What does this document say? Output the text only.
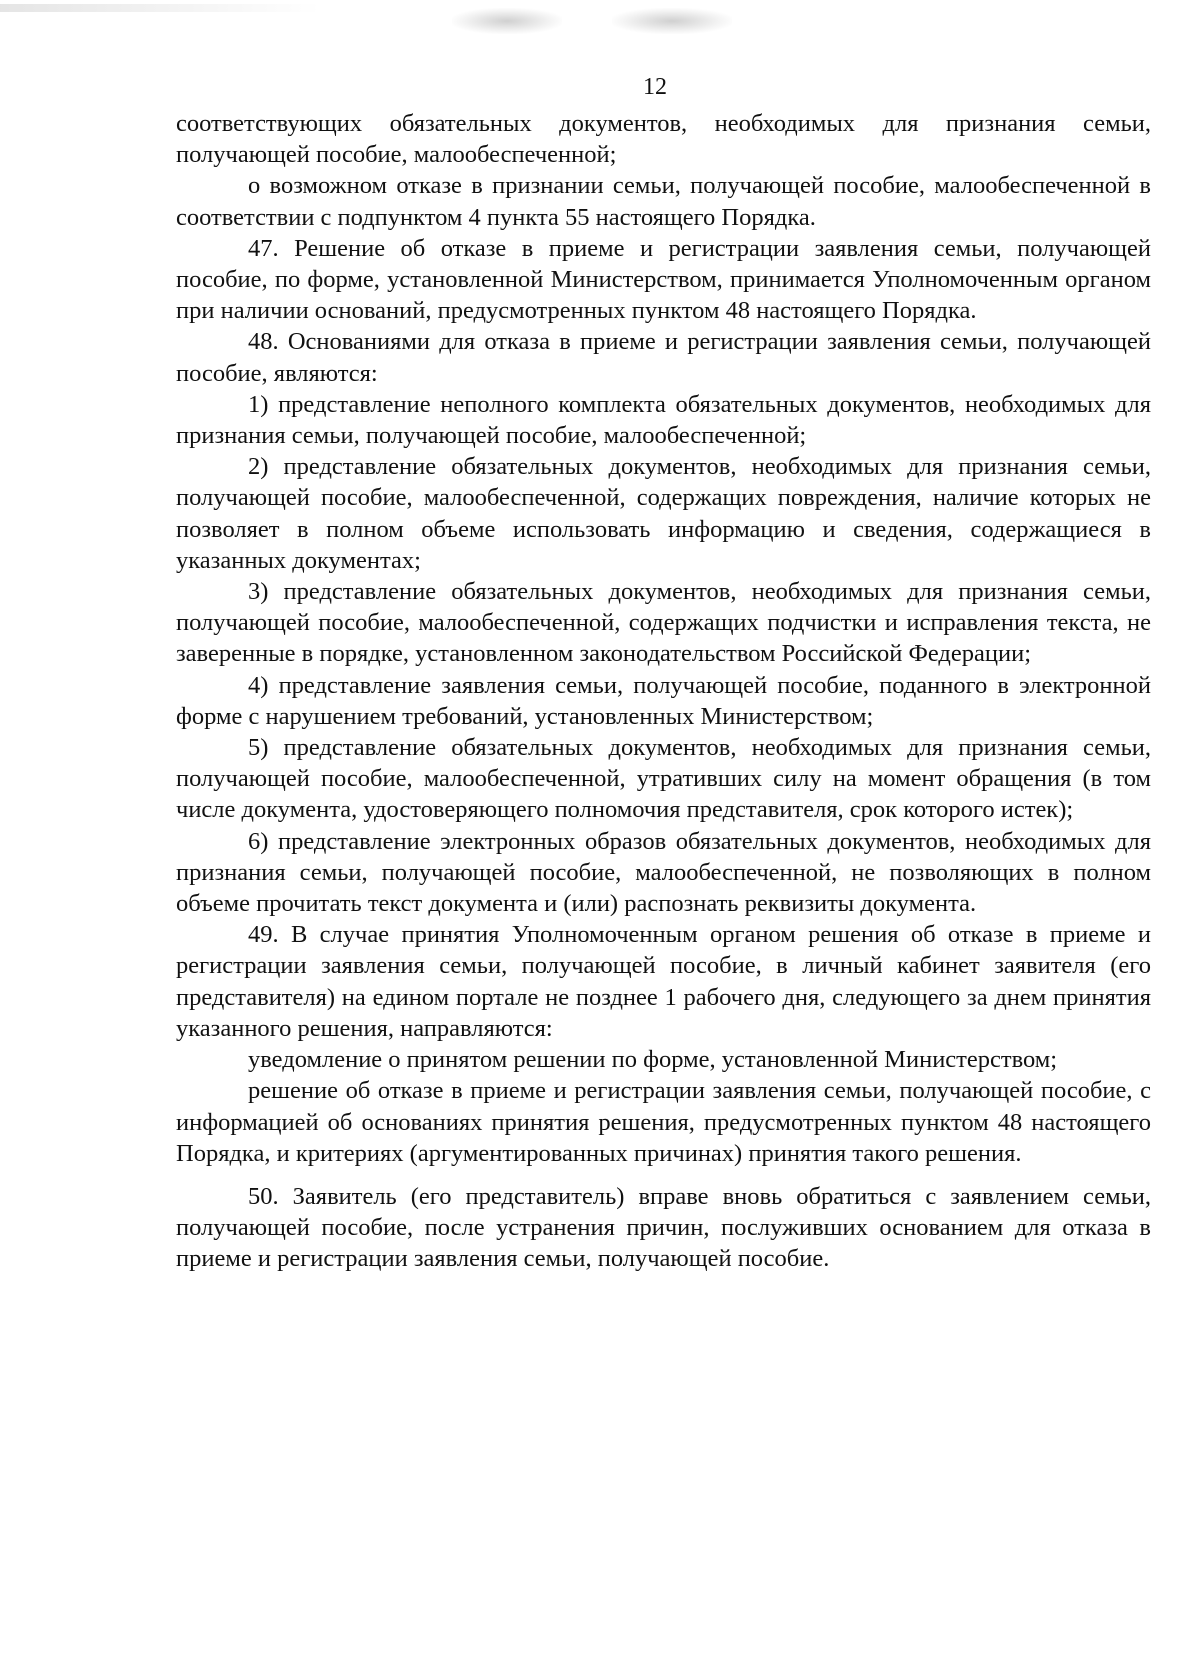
12

соответствующих обязательных документов, необходимых для признания семьи, получающей пособие, малообеспеченной;

о возможном отказе в признании семьи, получающей пособие, малообеспеченной в соответствии с подпунктом 4 пункта 55 настоящего Порядка.

47. Решение об отказе в приеме и регистрации заявления семьи, получающей пособие, по форме, установленной Министерством, принимается Уполномоченным органом при наличии оснований, предусмотренных пунктом 48 настоящего Порядка.

48. Основаниями для отказа в приеме и регистрации заявления семьи, получающей пособие, являются:

1) представление неполного комплекта обязательных документов, необходимых для признания семьи, получающей пособие, малообеспеченной;

2) представление обязательных документов, необходимых для признания семьи, получающей пособие, малообеспеченной, содержащих повреждения, наличие которых не позволяет в полном объеме использовать информацию и сведения, содержащиеся в указанных документах;

3) представление обязательных документов, необходимых для признания семьи, получающей пособие, малообеспеченной, содержащих подчистки и исправления текста, не заверенные в порядке, установленном законодательством Российской Федерации;

4) представление заявления семьи, получающей пособие, поданного в электронной форме с нарушением требований, установленных Министерством;

5) представление обязательных документов, необходимых для признания семьи, получающей пособие, малообеспеченной, утративших силу на момент обращения (в том числе документа, удостоверяющего полномочия представителя, срок которого истек);

6) представление электронных образов обязательных документов, необходимых для признания семьи, получающей пособие, малообеспеченной, не позволяющих в полном объеме прочитать текст документа и (или) распознать реквизиты документа.

49. В случае принятия Уполномоченным органом решения об отказе в приеме и регистрации заявления семьи, получающей пособие, в личный кабинет заявителя (его представителя) на едином портале не позднее 1 рабочего дня, следующего за днем принятия указанного решения, направляются:

уведомление о принятом решении по форме, установленной Министерством;

решение об отказе в приеме и регистрации заявления семьи, получающей пособие, с информацией об основаниях принятия решения, предусмотренных пунктом 48 настоящего Порядка, и критериях (аргументированных причинах) принятия такого решения.

50. Заявитель (его представитель) вправе вновь обратиться с заявлением семьи, получающей пособие, после устранения причин, послуживших основанием для отказа в приеме и регистрации заявления семьи, получающей пособие.
